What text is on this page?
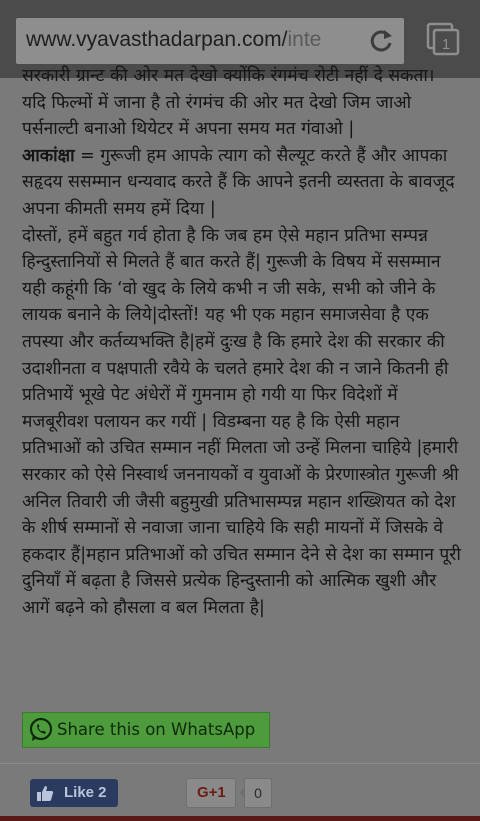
www.vyavasthadarpan.com/inte	1

सरकारी ग्रान्ट की ओर मत देखो क्योंकि रंगमंच रोटी नहीं दे सकता।

यदि फिल्मों में जाना है तो रंगमंच की ओर मत देखो जिम जाओ पर्सनाल्टी बनाओ थियेटर में अपना समय मत गंवाओ |

आकांक्षा = गुरूजी हम आपके त्याग को सैल्यूट करते हैं और आपका सहृदय ससम्मान धन्यवाद करते हैं कि आपने इतनी व्यस्तता के बावजूद अपना कीमती समय हमें दिया |

दोस्तों, हमें बहुत गर्व होता है कि जब हम ऐसे महान प्रतिभा सम्पन्न हिन्दुस्तानियों से मिलते हैं बात करते हैं| गुरूजी के विषय में ससम्मान यही कहूंगी कि ‘वो खुद के लिये कभी न जी सके, सभी को जीने के लायक बनाने के लिये|दोस्तों! यह भी एक महान समाजसेवा है एक तपस्या और कर्तव्यभक्ति है|हमें दुःख है कि हमारे देश की सरकार की उदाशीनता व पक्षपाती रवैये के चलते हमारे देश की न जाने कितनी ही प्रतिभायें भूखे पेट अंधेरों में गुमनाम हो गयी या फिर विदेशों में मजबूरीवश पलायन कर गयीं | विडम्बना यह है कि ऐसी महान प्रतिभाओं को उचित सम्मान नहीं मिलता जो उन्हें मिलना चाहिये |हमारी सरकार को ऐसे निस्वार्थ जननायकों व युवाओं के प्रेरणास्त्रोत गुरूजी श्री अनिल तिवारी जी जैसी बहुमुखी प्रतिभासम्पन्न महान शख्शियत को देश के शीर्ष सम्मानों से नवाजा जाना चाहिये कि सही मायनों में जिसके वे हकदार हैं|महान प्रतिभाओं को उचित सम्मान देने से देश का सम्मान पूरी दुनियाँ में बढ़ता है जिससे प्रत्येक हिन्दुस्तानी को आत्मिक खुशी और आगें बढ़ने को हौसला व बल मिलता है|

Share this on WhatsApp
Like 2	G+1	0
